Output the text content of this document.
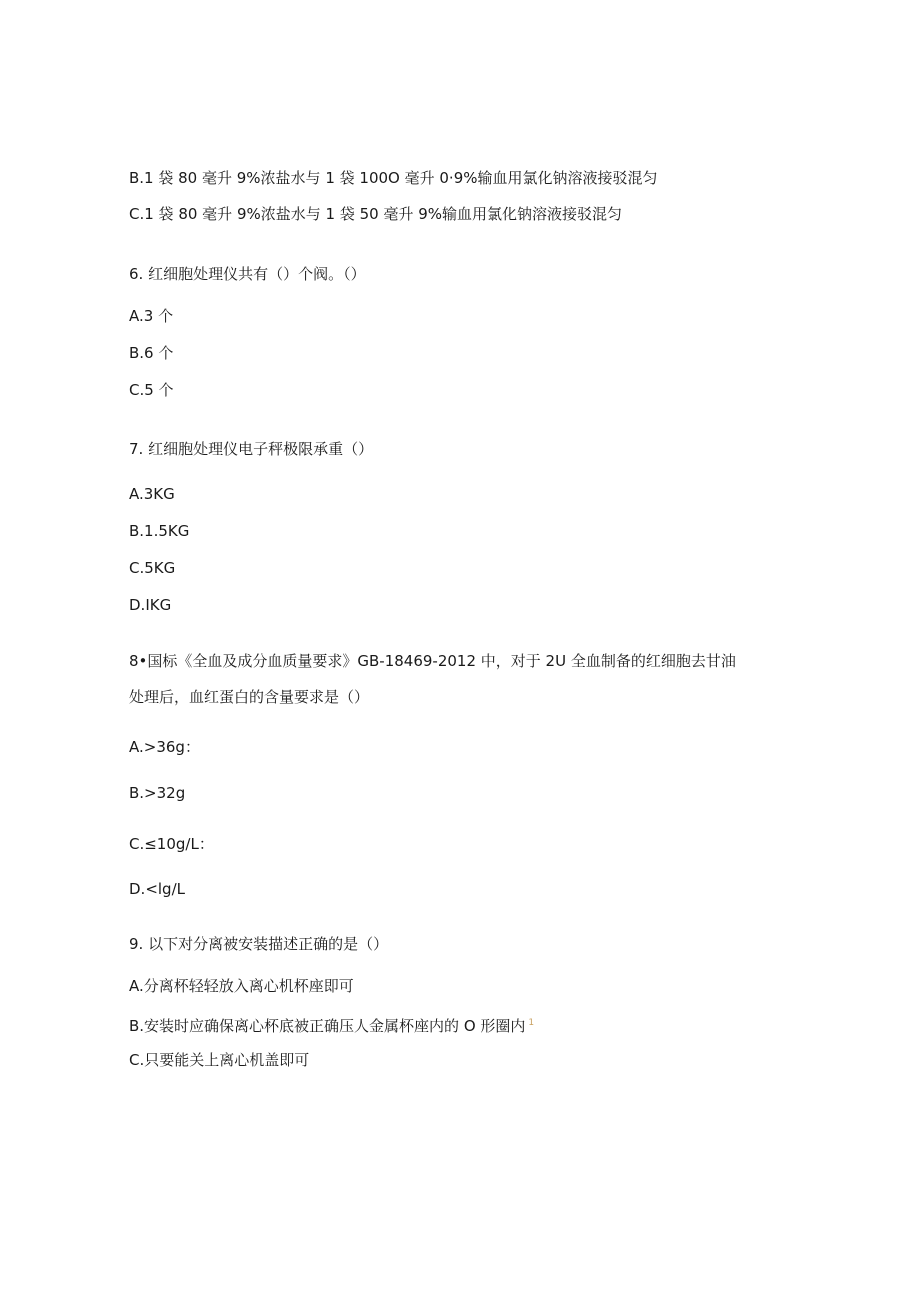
B.1 袋 80 毫升 9%浓盐水与 1 袋 100O 毫升 0·9%输血用氯化钠溶液接驳混匀
C.1 袋 80 毫升 9%浓盐水与 1 袋 50 毫升 9%输血用氯化钠溶液接驳混匀
6. 红细胞处理仪共有（）个阀。（）
A.3 个
B.6 个
C.5 个
7. 红细胞处理仪电子秤极限承重（）
A.3KG
B.1.5KG
C.5KG
D.IKG
8•国标《全血及成分血质量要求》GB-18469-2012 中，对于 2U 全血制备的红细胞去甘油
处理后，血红蛋白的含量要求是（）
A.>36g：
B.>32g
C.≤10g∕L：
D.<lg∕L
9. 以下对分离被安装描述正确的是（）
A.分离杯轻轻放入离心机杯座即可
B.安装时应确保离心杯底被正确压人金属杯座内的 O 形圈内 $^1$
C.只要能关上离心机盖即可
